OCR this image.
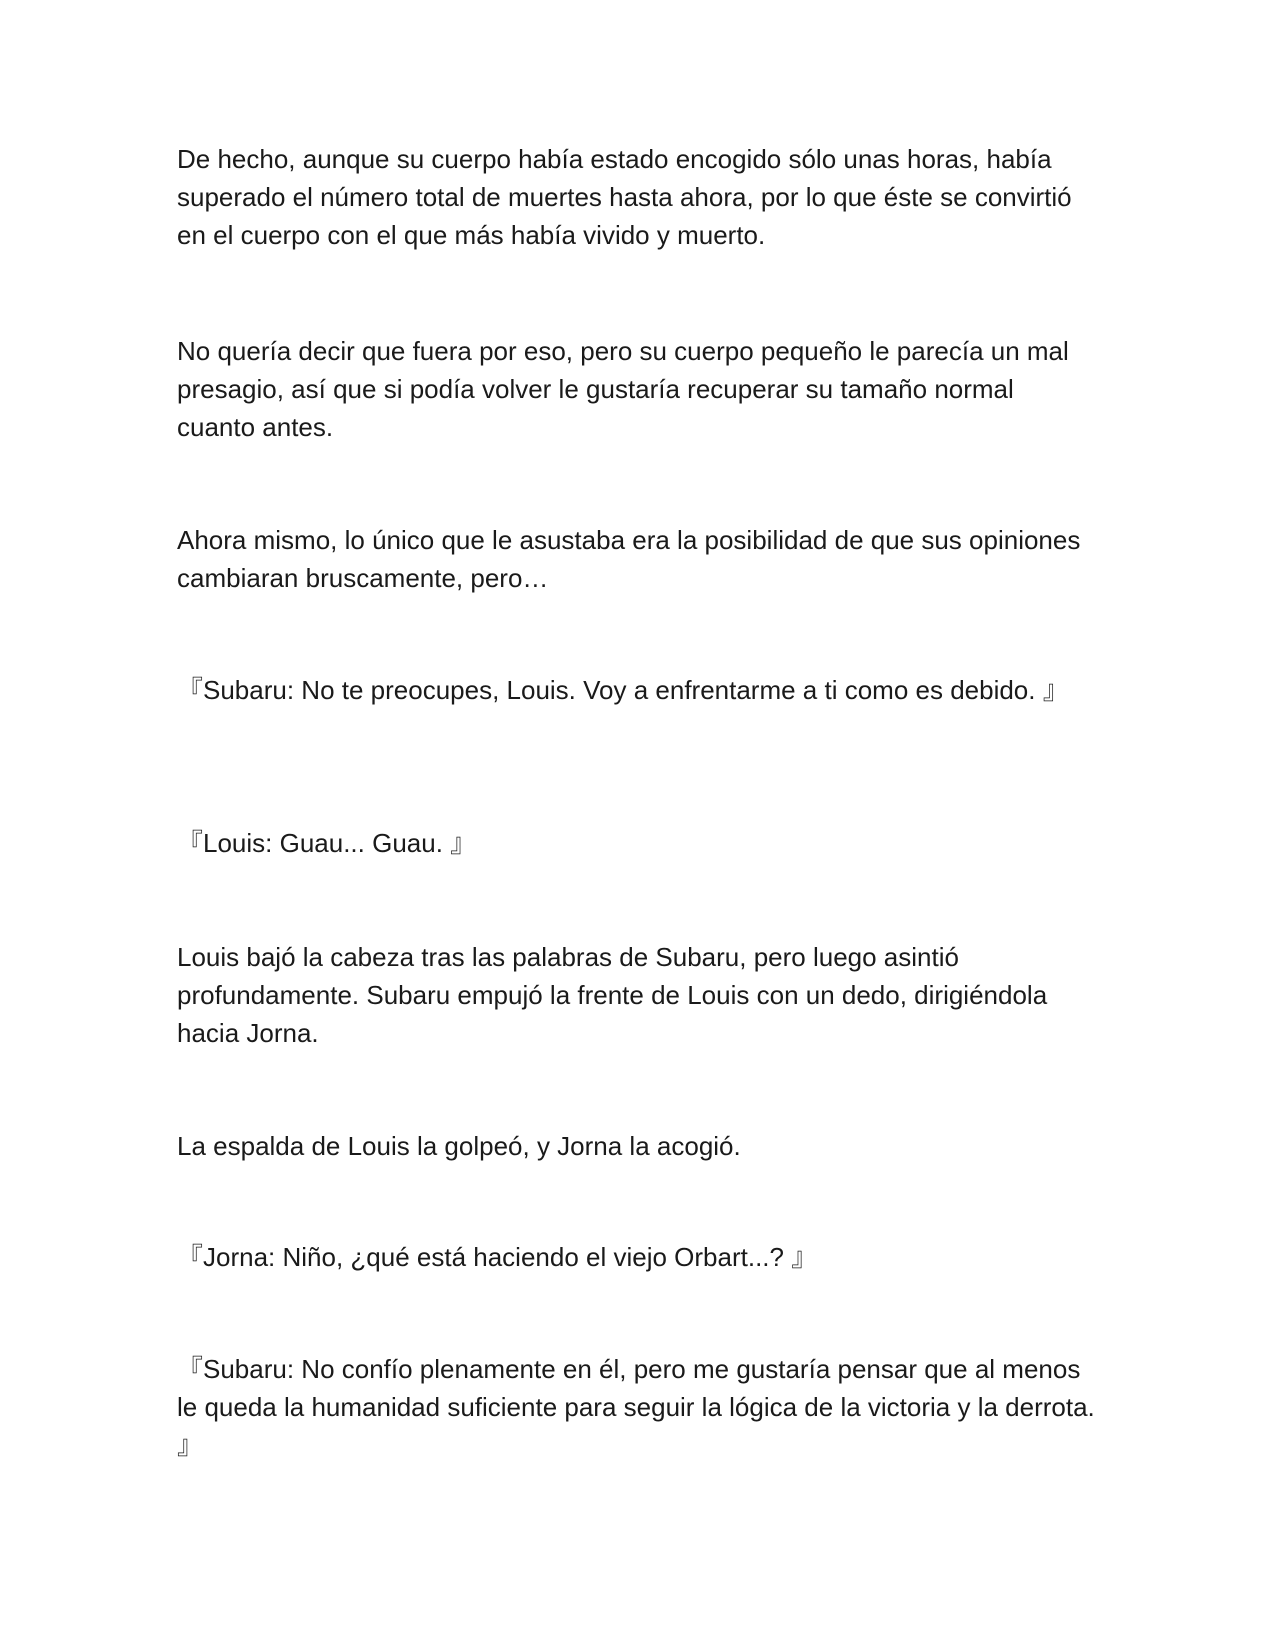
De hecho, aunque su cuerpo había estado encogido sólo unas horas, había superado el número total de muertes hasta ahora, por lo que éste se convirtió en el cuerpo con el que más había vivido y muerto.

No quería decir que fuera por eso, pero su cuerpo pequeño le parecía un mal presagio, así que si podía volver le gustaría recuperar su tamaño normal cuanto antes.

Ahora mismo, lo único que le asustaba era la posibilidad de que sus opiniones cambiaran bruscamente, pero…

『Subaru: No te preocupes, Louis. Voy a enfrentarme a ti como es debido. 』

『Louis: Guau... Guau. 』

Louis bajó la cabeza tras las palabras de Subaru, pero luego asintió profundamente. Subaru empujó la frente de Louis con un dedo, dirigiéndola hacia Jorna.

La espalda de Louis la golpeó, y Jorna la acogió.

『Jorna: Niño, ¿qué está haciendo el viejo Orbart...? 』

『Subaru: No confío plenamente en él, pero me gustaría pensar que al menos le queda la humanidad suficiente para seguir la lógica de la victoria y la derrota. 』
